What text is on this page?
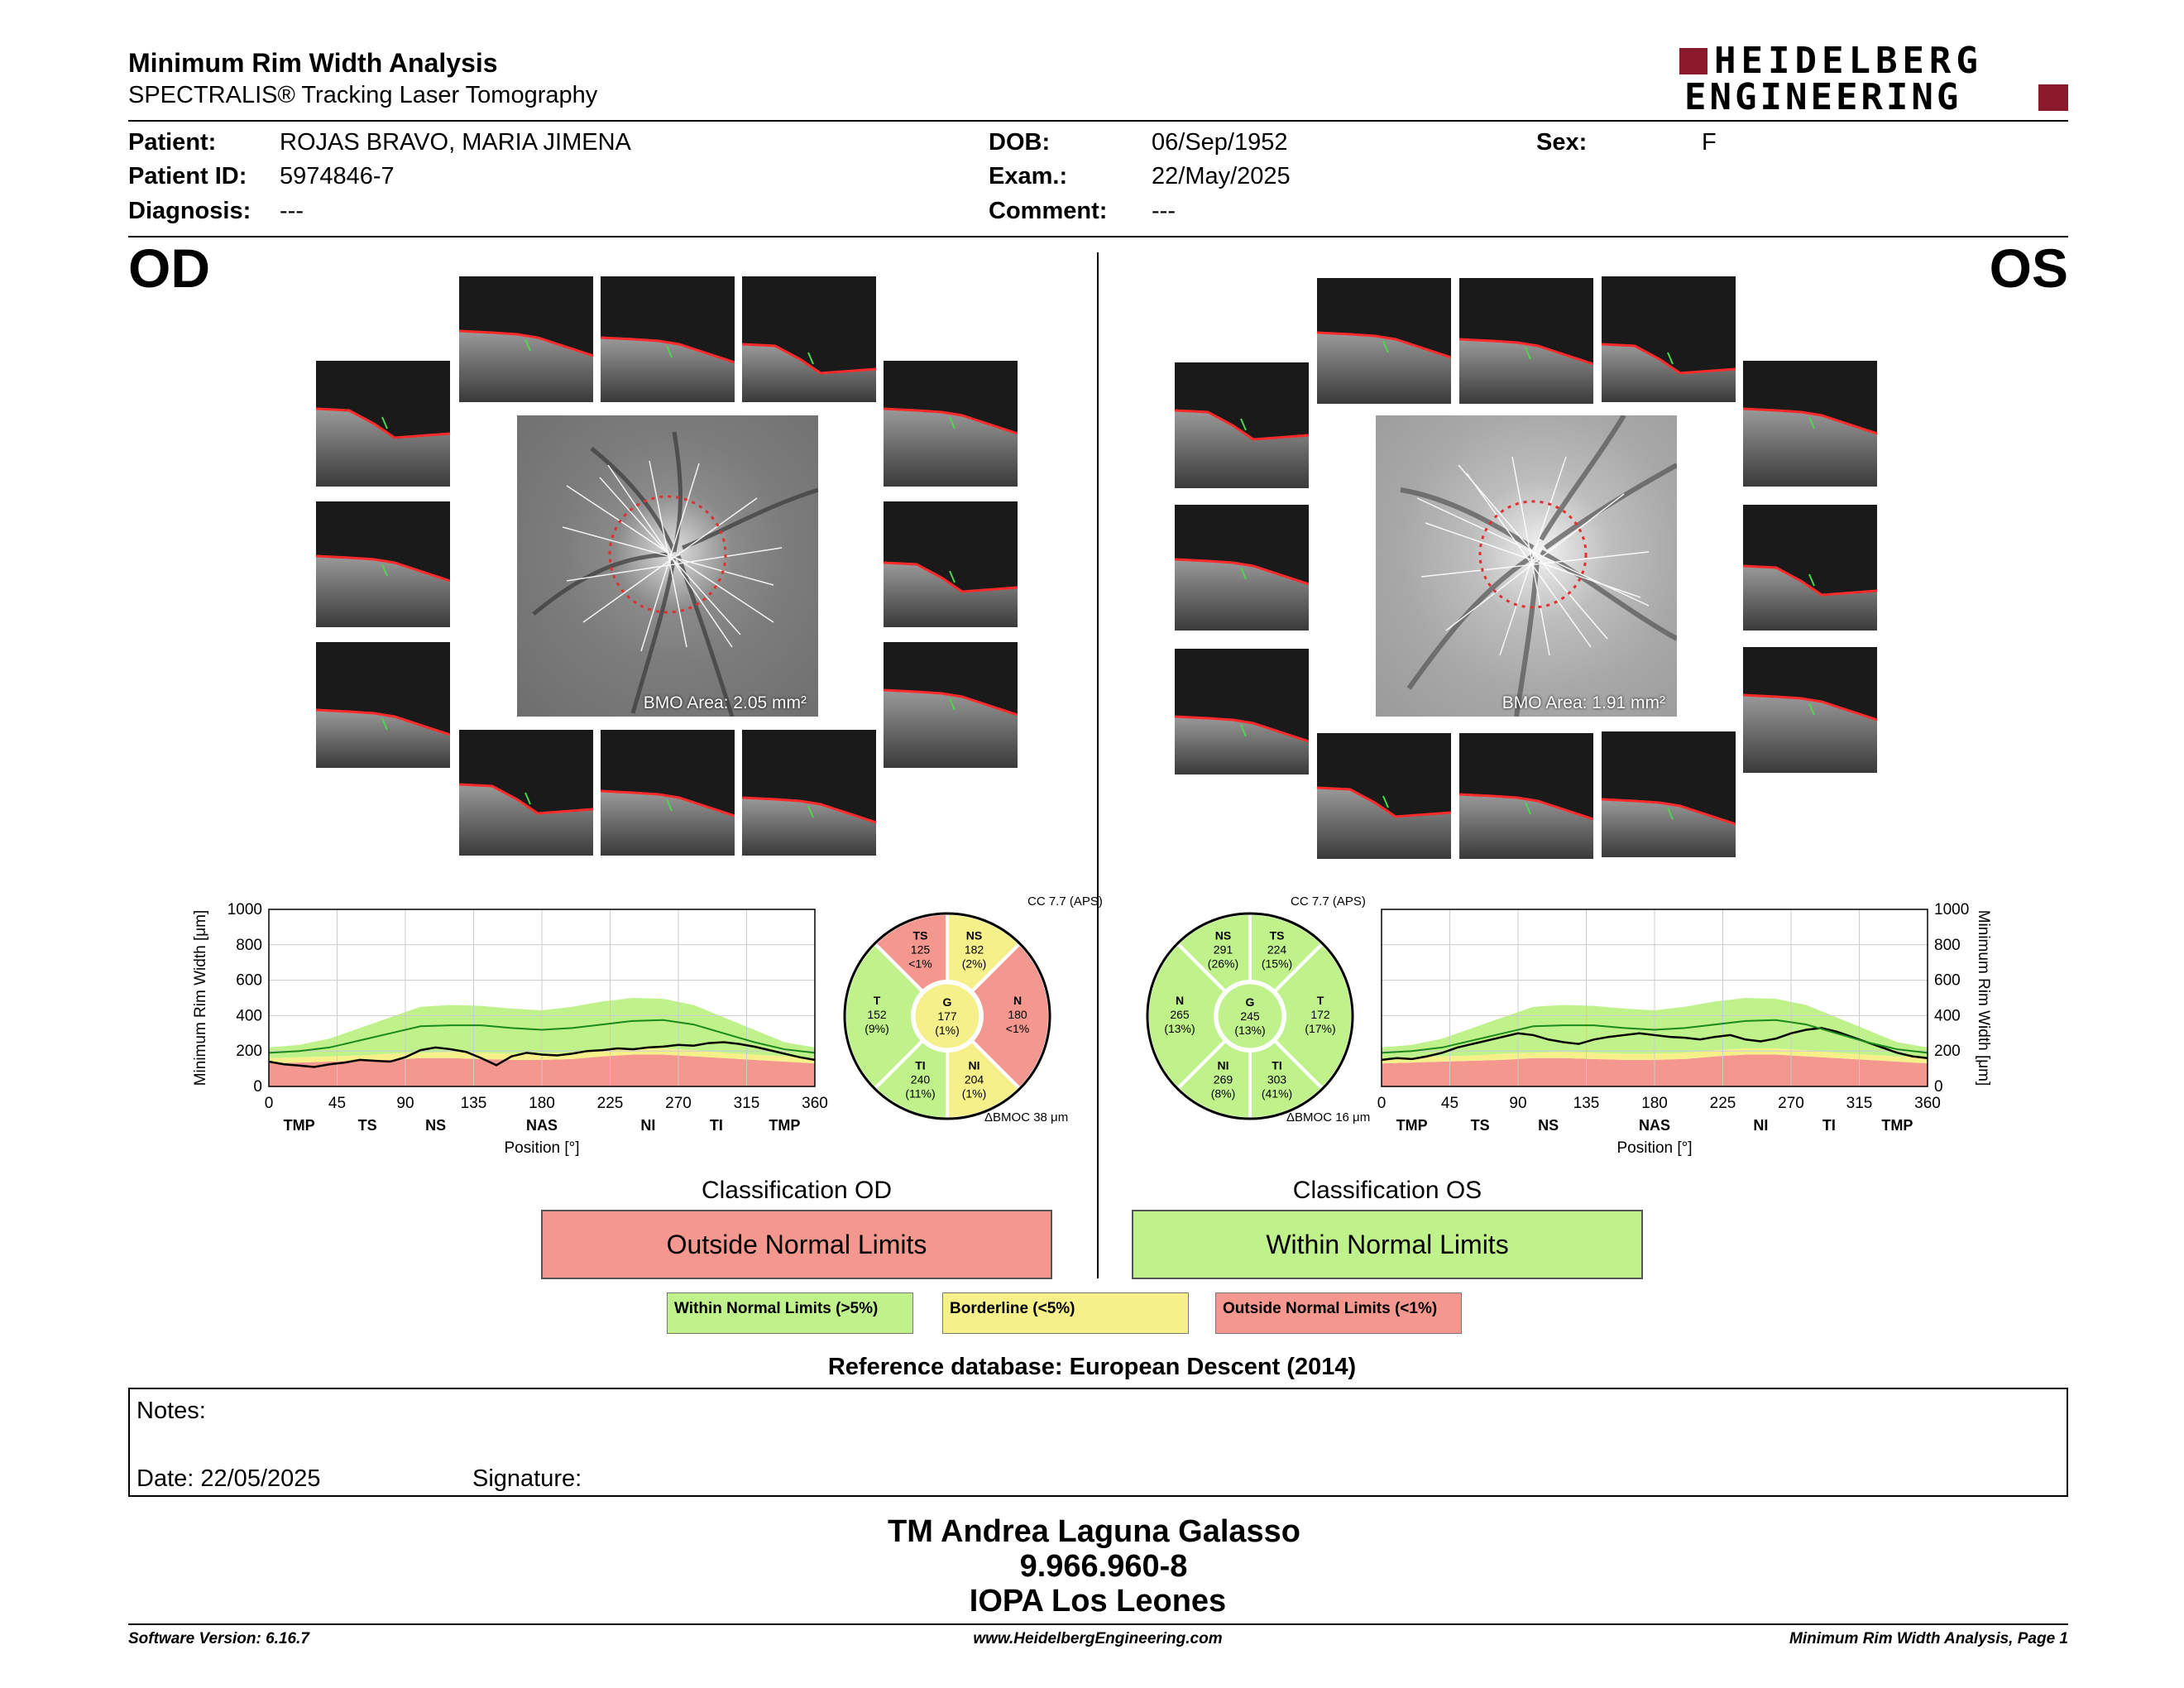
Minimum Rim Width Analysis
SPECTRALIS® Tracking Laser Tomography
HEIDELBERG
ENGINEERING
Patient:	ROJAS BRAVO, MARIA JIMENA
Patient ID: 5974846-7
Diagnosis: ---
DOB:	06/Sep/1952
Exam.:	22/May/2025
Comment: ---
Sex:	F
OD	OS
BMO Area: 2.05 mm²	BMO Area: 1.91 mm²
0	45	90	135	180	225	270	315	360
TMP	TS	NS	NAS	NI	TI	TMP
0
200
400
600
800
1000
Position [°]
Minimum Rim Width [μm]
0	45	90	135	180	225	270	315	360
TMP	TS	NS	NAS	NI	TI	TMP
0
200
400
600
800
1000
Position [°]
Minimum Rim Width [μm]
CC 7.7 (APS)
TS
125
<1%
NS
182
(2%)
N
180
<1%
NI
204
(1%)
TI
240
(11%)
T
152
(9%)
G
177
(1%)
ΔBMOC 38 μm
CC 7.7 (APS)
NS
291
(26%)
TS
224
(15%)
T
172
(17%)
TI
303
(41%)
NI
269
(8%)
N
265
(13%)
G
245
(13%)
ΔBMOC 16 μm
Classification OD
Outside Normal Limits
Classification OS
Within Normal Limits
Within Normal Limits (>5%)	Borderline (<5%)	Outside Normal Limits (<1%)
Reference database: European Descent (2014)
Notes:
Date: 22/05/2025	Signature:
TM Andrea Laguna Galasso
9.966.960-8
IOPA Los Leones
Software Version: 6.16.7	www.HeidelbergEngineering.com	Minimum Rim Width Analysis, Page 1
